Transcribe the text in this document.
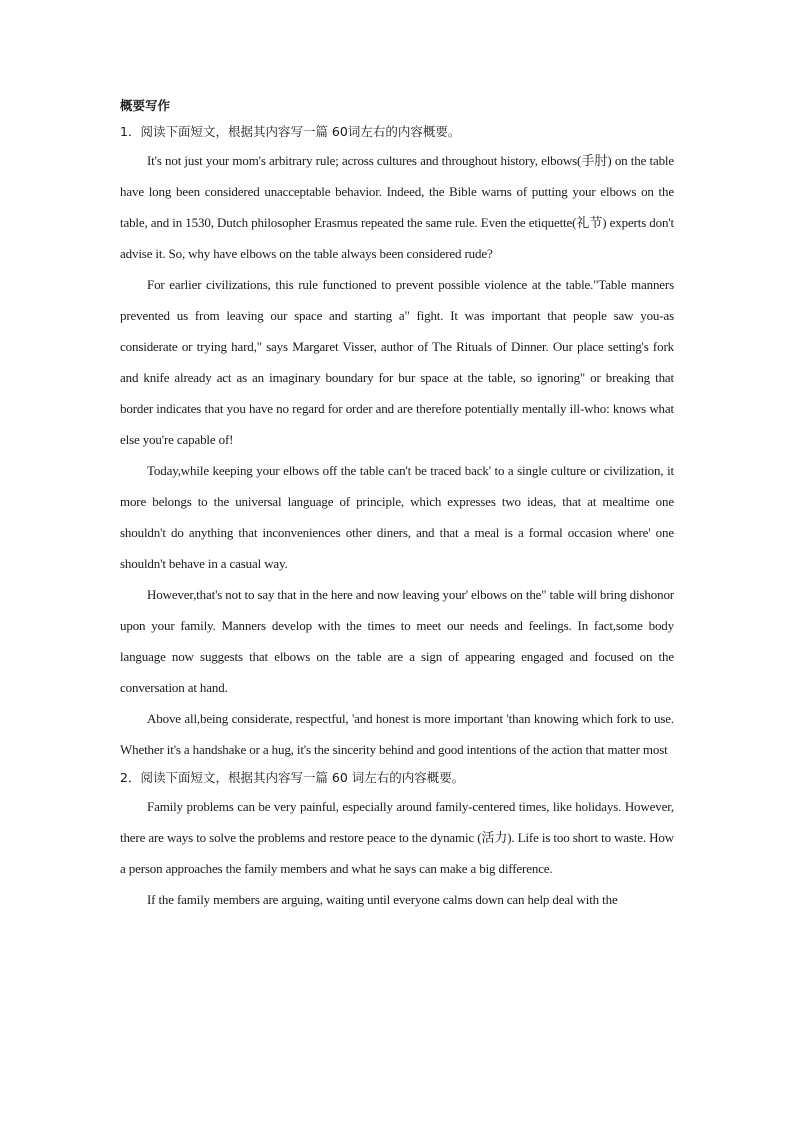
概要写作

1．阅读下面短文，根据其内容写一篇 60词左右的内容概要。

It's not just your mom's arbitrary rule; across cultures and throughout history, elbows(手肘) on the table have long been considered unacceptable behavior. Indeed, the Bible warns of putting your elbows on the table, and in 1530, Dutch philosopher Erasmus repeated the same rule. Even the etiquette(礼节) experts don't advise it. So, why have elbows on the table always been considered rude?

For earlier civilizations, this rule functioned to prevent possible violence at the table."Table manners prevented us from leaving our space and starting a" fight. It was important that people saw you-as considerate or trying hard," says Margaret Visser, author of The Rituals of Dinner. Our place setting's fork and knife already act as an imaginary boundary for bur space at the table, so ignoring" or breaking that border indicates that you have no regard for order and are therefore potentially mentally ill-who: knows what else you're capable of!

Today,while keeping your elbows off the table can't be traced back' to a single culture or civilization, it more belongs to the universal language of principle, which expresses two ideas, that at mealtime one shouldn't do anything that inconveniences other diners, and that a meal is a formal occasion where' one shouldn't behave in a casual way.

However,that's not to say that in the here and now leaving your' elbows on the" table will bring dishonor upon your family. Manners develop with the times to meet our needs and feelings. In fact,some body language now suggests that elbows on the table are a sign of appearing engaged and focused on the conversation at hand.

Above all,being considerate, respectful, 'and honest is more important 'than knowing which fork to use. Whether it's a handshake or a hug, it's the sincerity behind and good intentions of the action that matter most

2．阅读下面短文，根据其内容写一篇 60 词左右的内容概要。

Family problems can be very painful, especially around family-centered times, like holidays. However, there are ways to solve the problems and restore peace to the dynamic (活力). Life is too short to waste. How a person approaches the family members and what he says can make a big difference.

If the family members are arguing, waiting until everyone calms down can help deal with the
